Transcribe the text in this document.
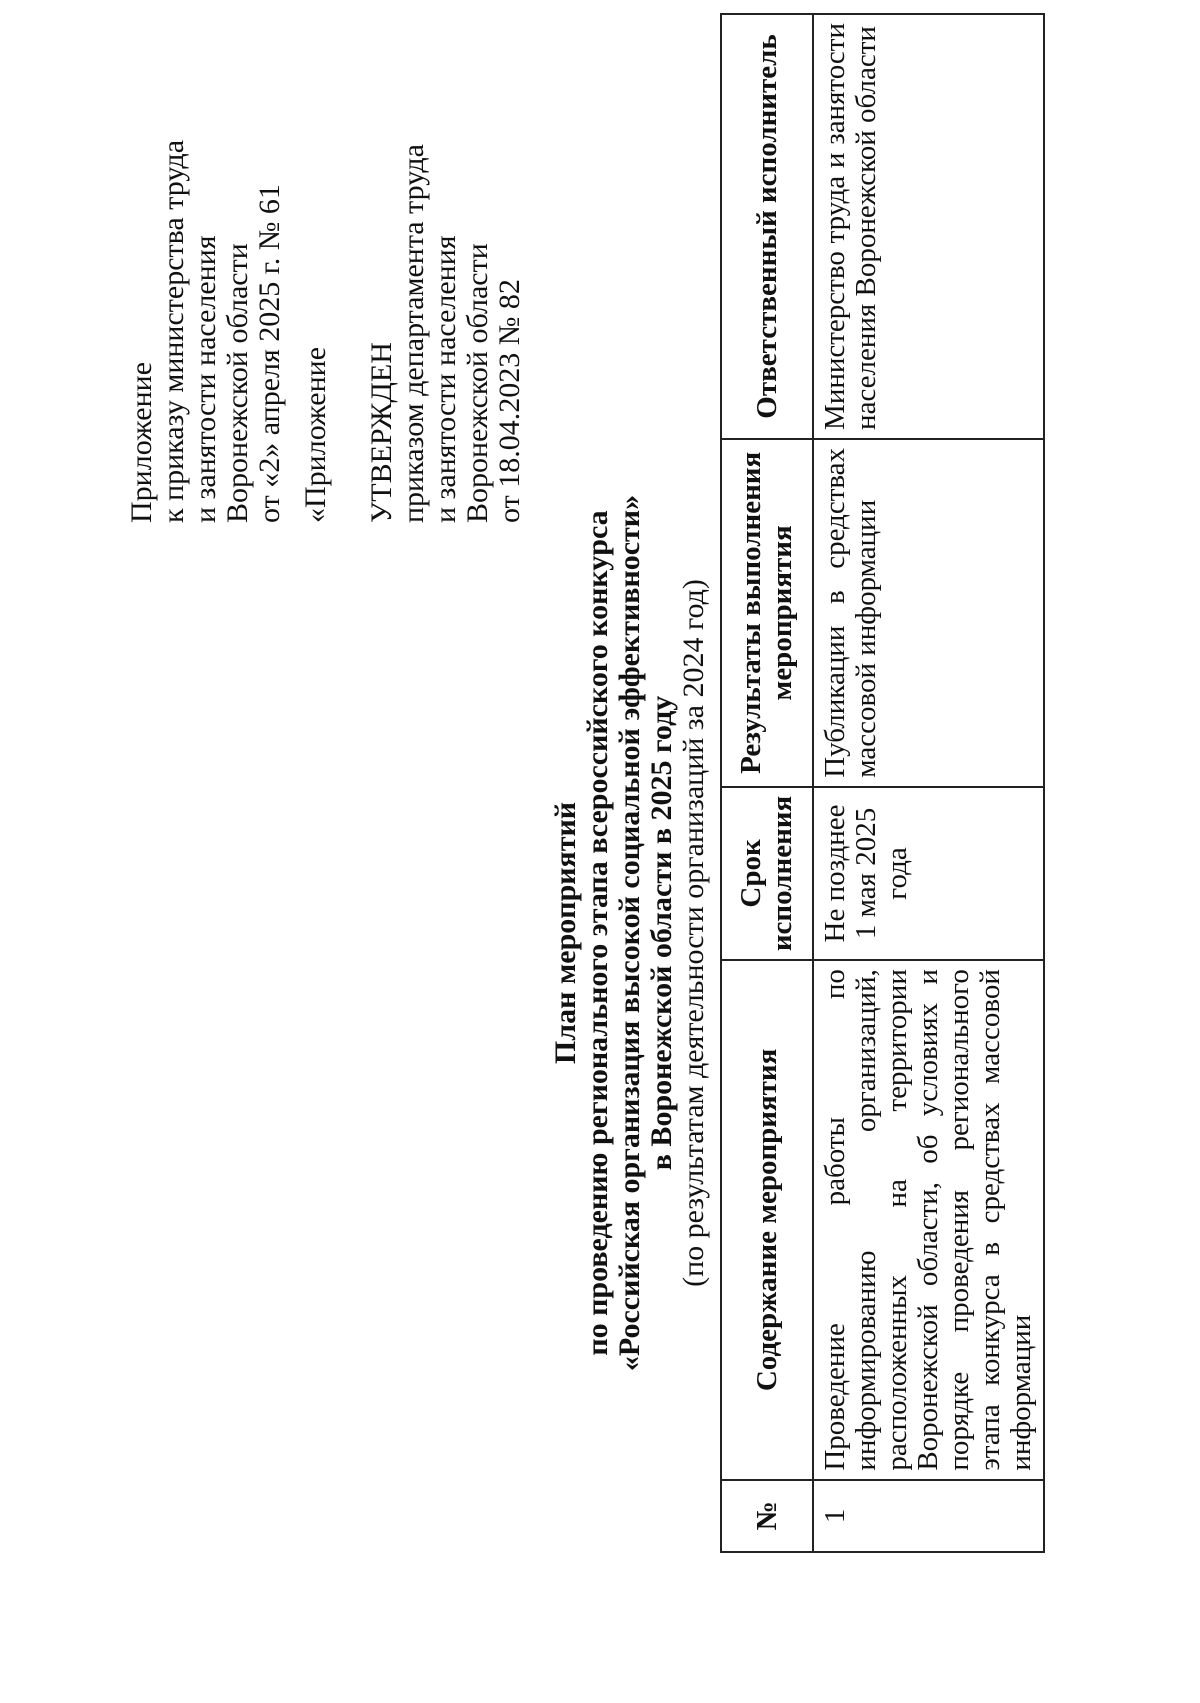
Приложение к приказу министерства труда и занятости населения Воронежской области от «2» апреля 2025 г. № 61 «Приложение УТВЕРЖДЕН приказом департамента труда и занятости населения Воронежской области от 18.04.2023 № 82
План мероприятий по проведению регионального этапа всероссийского конкурса «Российская организация высокой социальной эффективности» в Воронежской области в 2025 году (по результатам деятельности организаций за 2024 год)
№	Содержание мероприятия	Срок исполнения	Результаты выполнения мероприятия	Ответственный исполнитель
1	Проведение работы по информированию организаций, расположенных на территории Воронежской области, об условиях и порядке проведения регионального этапа конкурса в средствах массовой информации	Не позднее 1 мая 2025 года	Публикации в средствах массовой информации	Министерство труда и занятости населения Воронежской области
